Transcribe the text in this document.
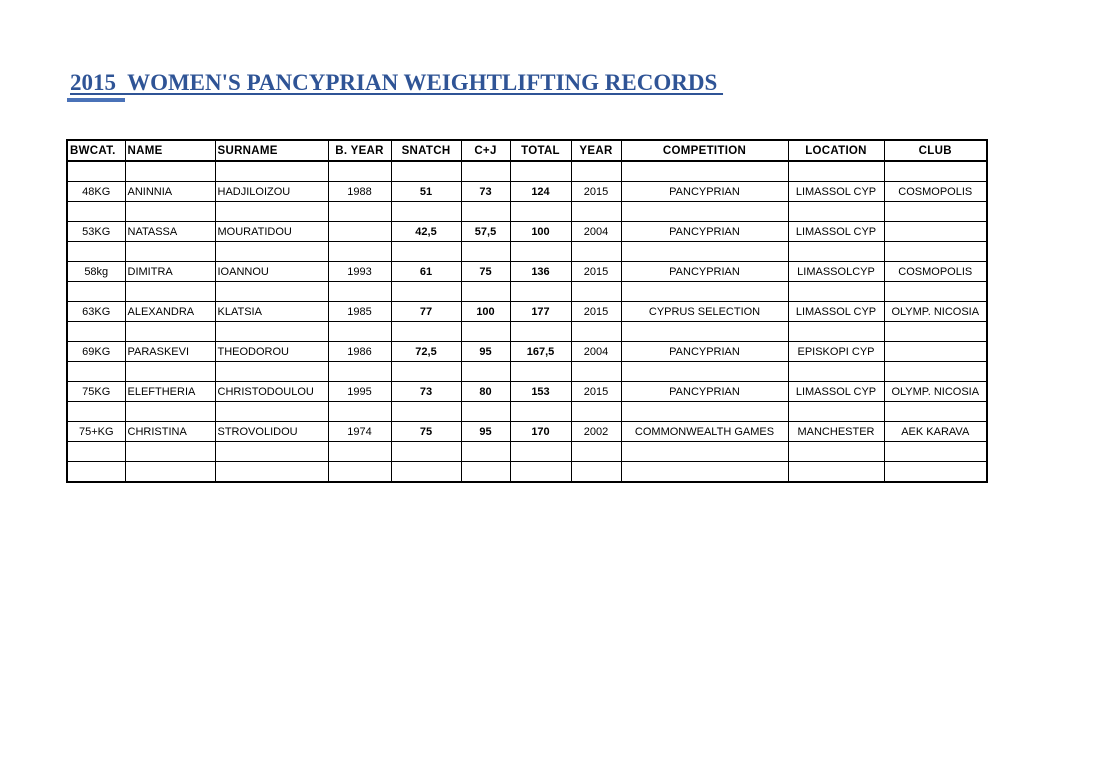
2015  WOMEN'S PANCYPRIAN WEIGHTLIFTING RECORDS
BWCAT.	NAME	SURNAME	B. YEAR	SNATCH	C+J	TOTAL	YEAR	COMPETITION	LOCATION	CLUB

48KG	ANINNIA	HADJILOIZOU	1988	51	73	124	2015	PANCYPRIAN	LIMASSOL CYP	COSMOPOLIS

53KG	NATASSA	MOURATIDOU		42,5	57,5	100	2004	PANCYPRIAN	LIMASSOL CYP	

58kg	DIMITRA	IOANNOU	1993	61	75	136	2015	PANCYPRIAN	LIMASSOLCYP	COSMOPOLIS

63KG	ALEXANDRA	KLATSIA	1985	77	100	177	2015	CYPRUS SELECTION	LIMASSOL CYP	OLYMP. NICOSIA

69KG	PARASKEVI	THEODOROU	1986	72,5	95	167,5	2004	PANCYPRIAN	EPISKOPI CYP	

75KG	ELEFTHERIA	CHRISTODOULOU	1995	73	80	153	2015	PANCYPRIAN	LIMASSOL CYP	OLYMP. NICOSIA

75+KG	CHRISTINA	STROVOLIDOU	1974	75	95	170	2002	COMMONWEALTH GAMES	MANCHESTER	AEK KARAVA
